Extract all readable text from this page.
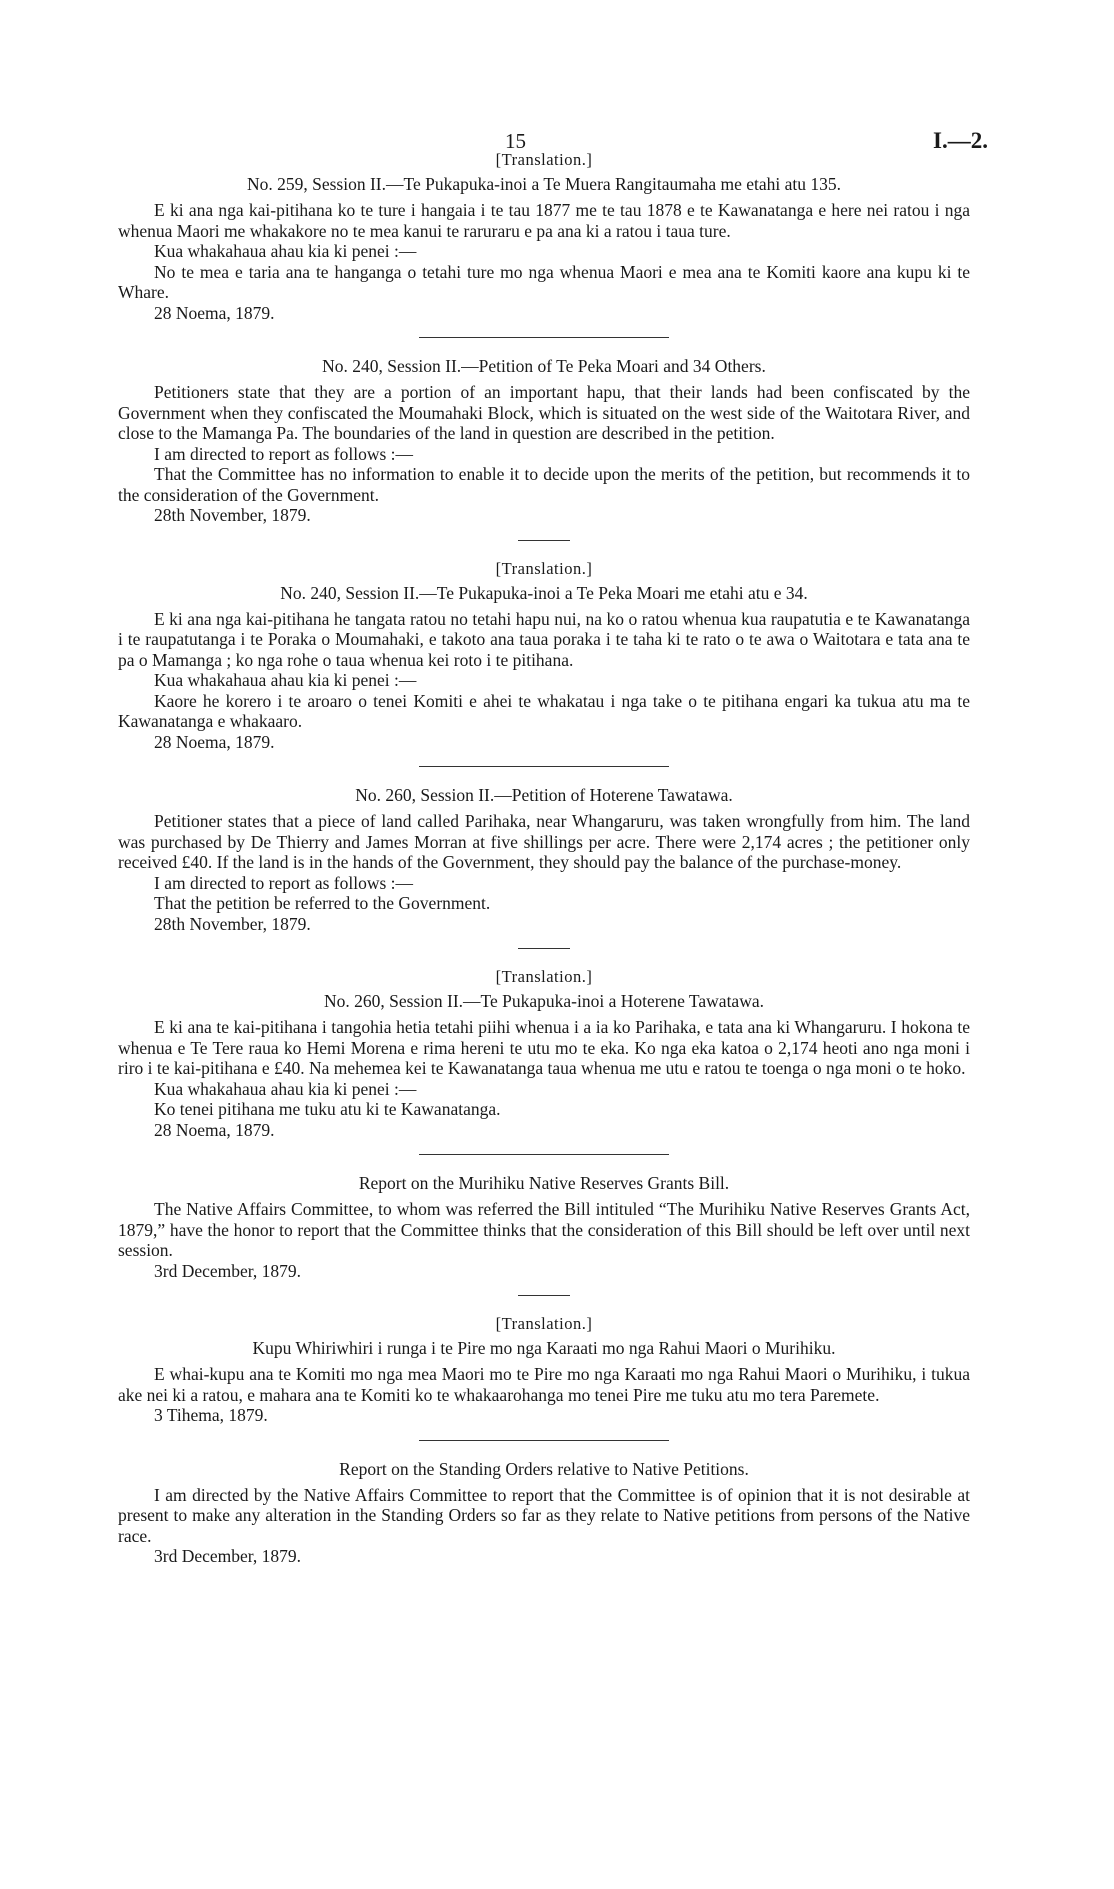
15	I.—2.
[Translation.]
No. 259, Session II.—Te Pukapuka-inoi a Te Muera Rangitaumaha me etahi atu 135.

E ki ana nga kai-pitihana ko te ture i hangaia i te tau 1877 me te tau 1878 e te Kawanatanga e here nei ratou i nga whenua Maori me whakakore no te mea kanui te raruraru e pa ana ki a ratou i taua ture.

Kua whakahaua ahau kia ki penei :—

No te mea e taria ana te hanganga o tetahi ture mo nga whenua Maori e mea ana te Komiti kaore ana kupu ki te Whare.

28 Noema, 1879.
No. 240, Session II.—Petition of Te Peka Moari and 34 Others.

Petitioners state that they are a portion of an important hapu, that their lands had been confiscated by the Government when they confiscated the Moumahaki Block, which is situated on the west side of the Waitotara River, and close to the Mamanga Pa. The boundaries of the land in question are described in the petition.

I am directed to report as follows :—

That the Committee has no information to enable it to decide upon the merits of the petition, but recommends it to the consideration of the Government.

28th November, 1879.
[Translation.]
No. 240, Session II.—Te Pukapuka-inoi a Te Peka Moari me etahi atu e 34.

E ki ana nga kai-pitihana he tangata ratou no tetahi hapu nui, na ko o ratou whenua kua raupatutia e te Kawanatanga i te raupatutanga i te Poraka o Moumahaki, e takoto ana taua poraka i te taha ki te rato o te awa o Waitotara e tata ana te pa o Mamanga ; ko nga rohe o taua whenua kei roto i te pitihana.

Kua whakahaua ahau kia ki penei :—

Kaore he korero i te aroaro o tenei Komiti e ahei te whakatau i nga take o te pitihana engari ka tukua atu ma te Kawanatanga e whakaaro.

28 Noema, 1879.
No. 260, Session II.—Petition of Hoterene Tawatawa.

Petitioner states that a piece of land called Parihaka, near Whangaruru, was taken wrongfully from him. The land was purchased by De Thierry and James Morran at five shillings per acre. There were 2,174 acres ; the petitioner only received £40. If the land is in the hands of the Government, they should pay the balance of the purchase-money.

I am directed to report as follows :—

That the petition be referred to the Government.

28th November, 1879.
[Translation.]
No. 260, Session II.—Te Pukapuka-inoi a Hoterene Tawatawa.

E ki ana te kai-pitihana i tangohia hetia tetahi piihi whenua i a ia ko Parihaka, e tata ana ki Whangaruru. I hokona te whenua e Te Tere raua ko Hemi Morena e rima hereni te utu mo te eka. Ko nga eka katoa o 2,174 heoti ano nga moni i riro i te kai-pitihana e £40. Na mehemea kei te Kawanatanga taua whenua me utu e ratou te toenga o nga moni o te hoko.

Kua whakahaua ahau kia ki penei :—

Ko tenei pitihana me tuku atu ki te Kawanatanga.

28 Noema, 1879.
Report on the Murihiku Native Reserves Grants Bill.

The Native Affairs Committee, to whom was referred the Bill intituled “The Murihiku Native Reserves Grants Act, 1879,” have the honor to report that the Committee thinks that the consideration of this Bill should be left over until next session.

3rd December, 1879.
[Translation.]
Kupu Whiriwhiri i runga i te Pire mo nga Karaati mo nga Rahui Maori o Murihiku.

E whai-kupu ana te Komiti mo nga mea Maori mo te Pire mo nga Karaati mo nga Rahui Maori o Murihiku, i tukua ake nei ki a ratou, e mahara ana te Komiti ko te whakaarohanga mo tenei Pire me tuku atu mo tera Paremete.

3 Tihema, 1879.
Report on the Standing Orders relative to Native Petitions.

I am directed by the Native Affairs Committee to report that the Committee is of opinion that it is not desirable at present to make any alteration in the Standing Orders so far as they relate to Native petitions from persons of the Native race.

3rd December, 1879.
